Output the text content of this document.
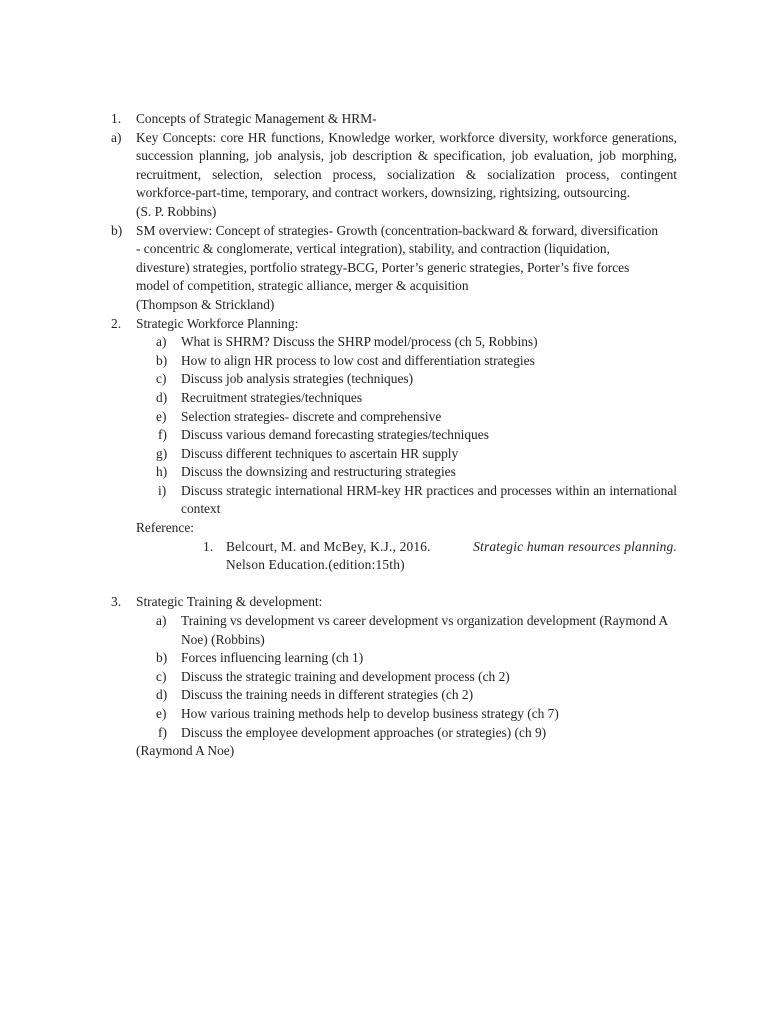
1. Concepts of Strategic Management & HRM-
a) Key Concepts: core HR functions, Knowledge worker, workforce diversity, workforce generations, succession planning, job analysis, job description & specification, job evaluation, job morphing, recruitment, selection, selection process, socialization & socialization process, contingent workforce-part-time, temporary, and contract workers, downsizing, rightsizing, outsourcing.
(S. P. Robbins)
b) SM overview: Concept of strategies- Growth (concentration-backward & forward, diversification
- concentric & conglomerate, vertical integration), stability, and contraction (liquidation,
divesture) strategies, portfolio strategy-BCG, Porter’s generic strategies, Porter’s five forces
model of competition, strategic alliance, merger & acquisition
(Thompson & Strickland)
2. Strategic Workforce Planning:
a) What is SHRM? Discuss the SHRP model/process (ch 5, Robbins)
b) How to align HR process to low cost and differentiation strategies
c) Discuss job analysis strategies (techniques)
d) Recruitment strategies/techniques
e) Selection strategies- discrete and comprehensive
f) Discuss various demand forecasting strategies/techniques
g) Discuss different techniques to ascertain HR supply
h) Discuss the downsizing and restructuring strategies
i) Discuss strategic international HRM-key HR practices and processes within an international context
Reference:
1. Belcourt, M. and McBey, K.J., 2016.	Strategic human resources planning.
Nelson Education.(edition:15th)
3. Strategic Training & development:
a) Training vs development vs career development vs organization development (Raymond A Noe) (Robbins)
b) Forces influencing learning (ch 1)
c) Discuss the strategic training and development process (ch 2)
d) Discuss the training needs in different strategies (ch 2)
e) How various training methods help to develop business strategy (ch 7)
f) Discuss the employee development approaches (or strategies) (ch 9)
(Raymond A Noe)
